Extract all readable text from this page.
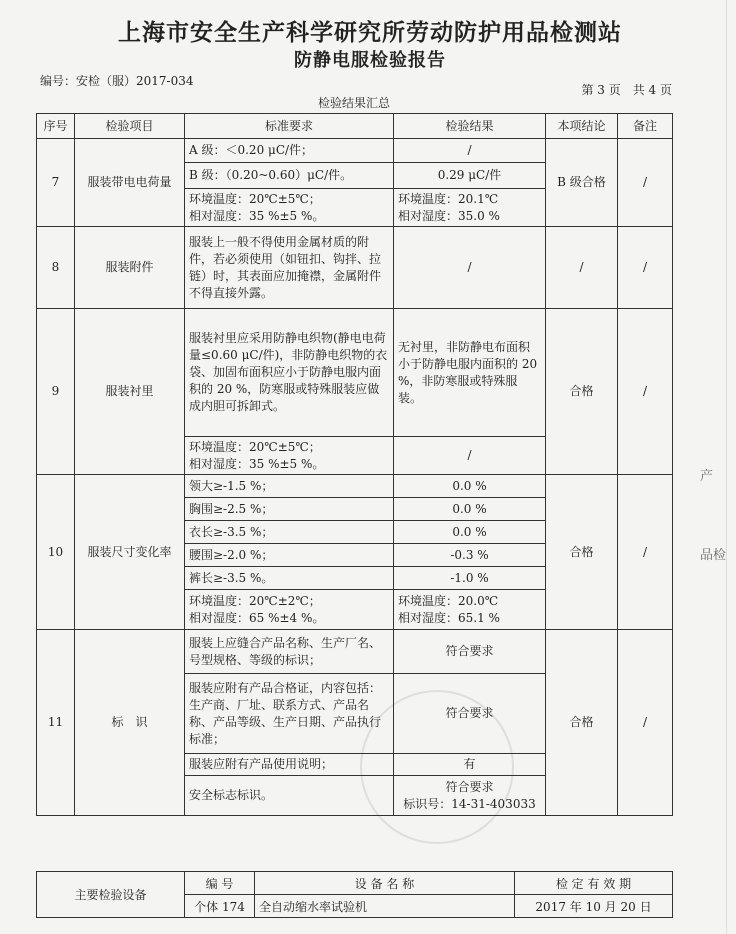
上海市安全生产科学研究所劳动防护用品检测站
防静电服检验报告
编号：安检（服）2017-034
第 3 页　共 4 页
检验结果汇总
序号	检验项目	标准要求	检验结果	本项结论	备注
7	服装带电电荷量	A 级：＜0.20 μC/件；	/	B 级合格	/
		B 级：（0.20~0.60）μC/件。	0.29 μC/件		
		环境温度：20℃±5℃；
相对湿度：35 %±5 %。	环境温度：20.1℃
相对湿度：35.0 %		
8	服装附件	服装上一般不得使用金属材质的附件，若必须使用（如钮扣、钩拌、拉链）时，其表面应加掩襟，金属附件不得直接外露。	/	/	/
9	服装衬里	服装衬里应采用防静电织物(静电电荷量≤0.60 μC/件)，非防静电织物的衣袋、加固布面积应小于防静电服内面积的 20 %，防寒服或特殊服装应做成内胆可拆卸式。	无衬里，非防静电布面积小于防静电服内面积的 20 %，非防寒服或特殊服装。	合格	/
		环境温度：20℃±5℃；
相对湿度：35 %±5 %。	/		
10	服装尺寸变化率	领大≥-1.5 %；	0.0 %	合格	/
		胸围≥-2.5 %；	0.0 %		
		衣长≥-3.5 %；	0.0 %		
		腰围≥-2.0 %；	-0.3 %		
		裤长≥-3.5 %。	-1.0 %		
		环境温度：20℃±2℃；
相对湿度：65 %±4 %。	环境温度：20.0℃
相对湿度：65.1 %		
11	标　识	服装上应缝合产品名称、生产厂名、号型规格、等级的标识；	符合要求	合格	/
		服装应附有产品合格证，内容包括：生产商、厂址、联系方式、产品名称、产品等级、生产日期、产品执行标准；	符合要求		
		服装应附有产品使用说明；	有		
		安全标志标识。	符合要求
标识号：14-31-403033		
主要检验设备	编 号	设 备 名 称	检 定 有 效 期
	个体 174	全自动缩水率试验机	2017 年 10 月 20 日
产
品检
